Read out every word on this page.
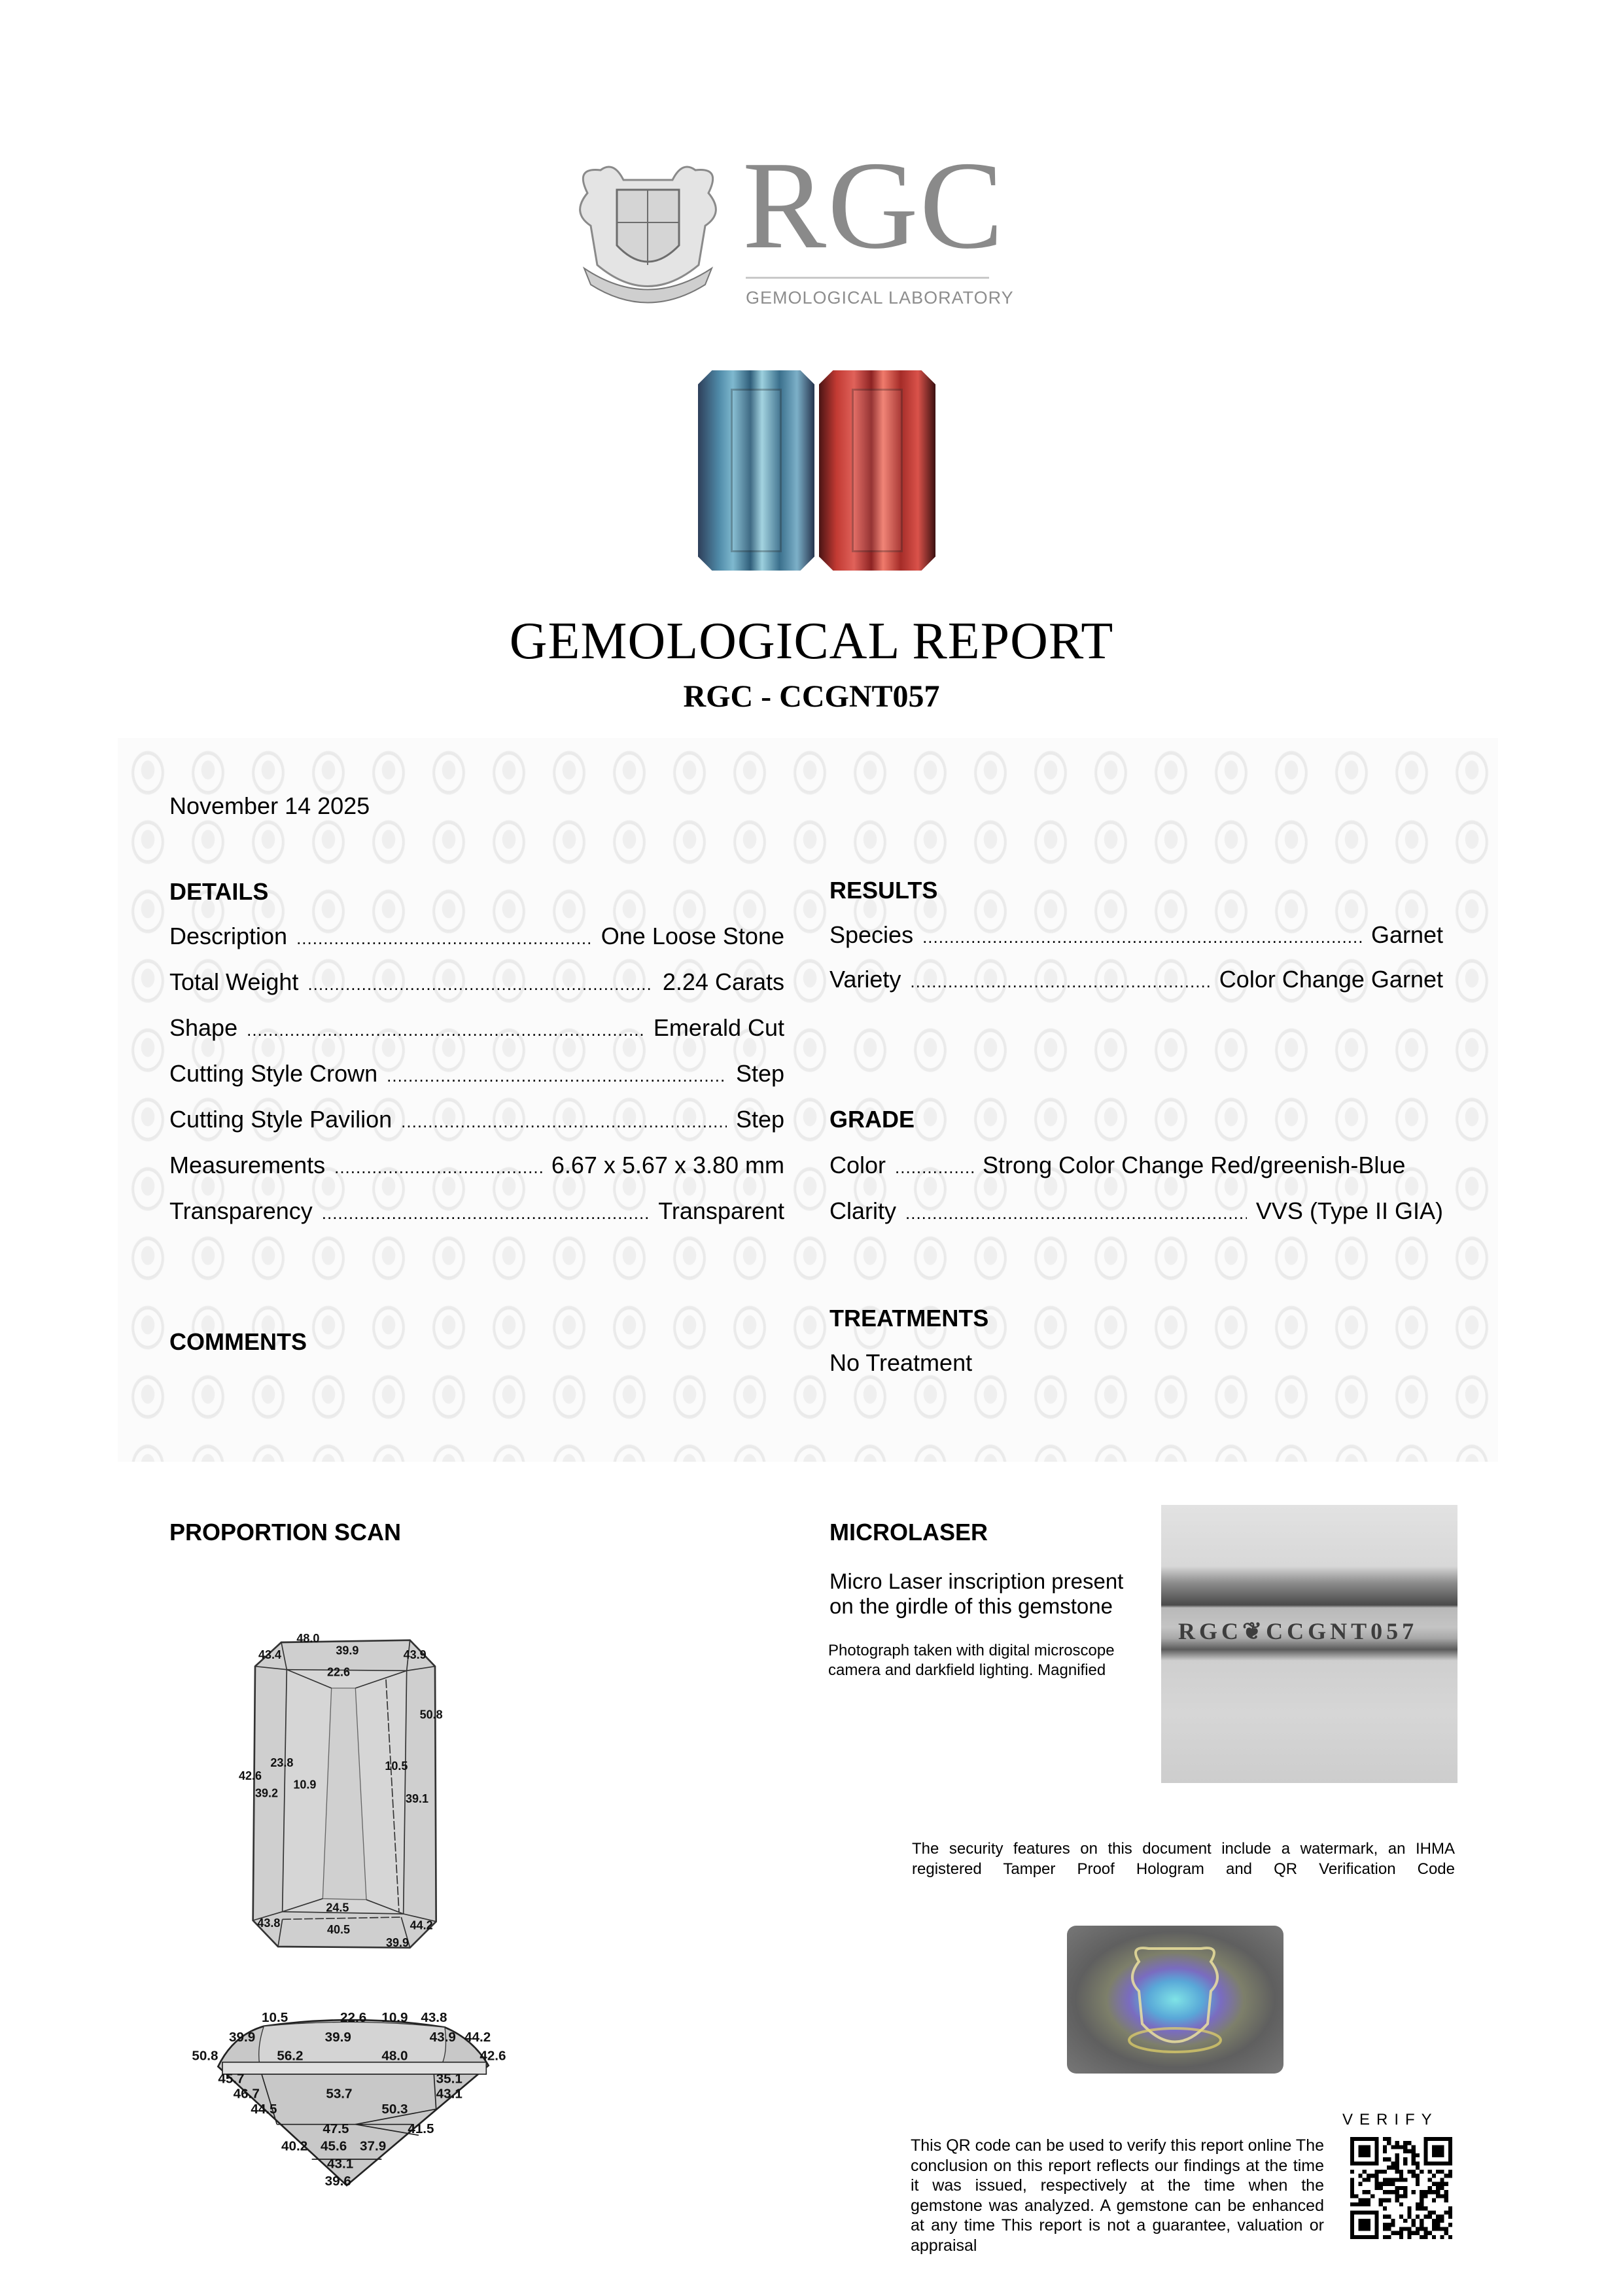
RGC
GEMOLOGICAL LABORATORY
GEMOLOGICAL REPORT
RGC - CCGNT057
November 14 2025
DETAILS
Description .....	One Loose Stone
Total Weight .....	2.24 Carats
Shape .....	Emerald Cut
Cutting Style Crown .....	Step
Cutting Style Pavilion .....	Step
Measurements .....	6.67 x 5.67 x 3.80 mm
Transparency .....	Transparent
RESULTS
Species .....	Garnet
Variety .....	Color Change Garnet
GRADE
Color .....	Strong Color Change Red/greenish-Blue
Clarity .....	VVS (Type II GIA)
COMMENTS
TREATMENTS
No Treatment
PROPORTION SCAN
48.0
39.9
43.4	43.9
22.6
50.8
23.8	10.5
42.6
39.2
10.9
39.1
24.5
43.8 40.5 44.2
39.9
10.5 22.6 10.9 43.8
39.9
39.9
50.8
43.9 44.2
42.6
48.0
56.2
45.7
46.7 53.7
35.1
43.1
44.5	50.3
41.5
47.5
40.2 45.6 37.9
43.1
39.6
MICROLASER
Micro Laser inscription present
on the girdle of this gemstone
Photograph taken with digital microscope
camera and darkfield lighting. Magnified
RGC❦CCGNT057
The security features on this document include a watermark, an IHMA registered Tamper Proof Hologram and QR Verification Code
VERIFY
This QR code can be used to verify this report online The conclusion on this report reflects our findings at the time it was issued, respectively at the time when the gemstone was analyzed. A gemstone can be enhanced at any time This report is not a guarantee, valuation or appraisal
